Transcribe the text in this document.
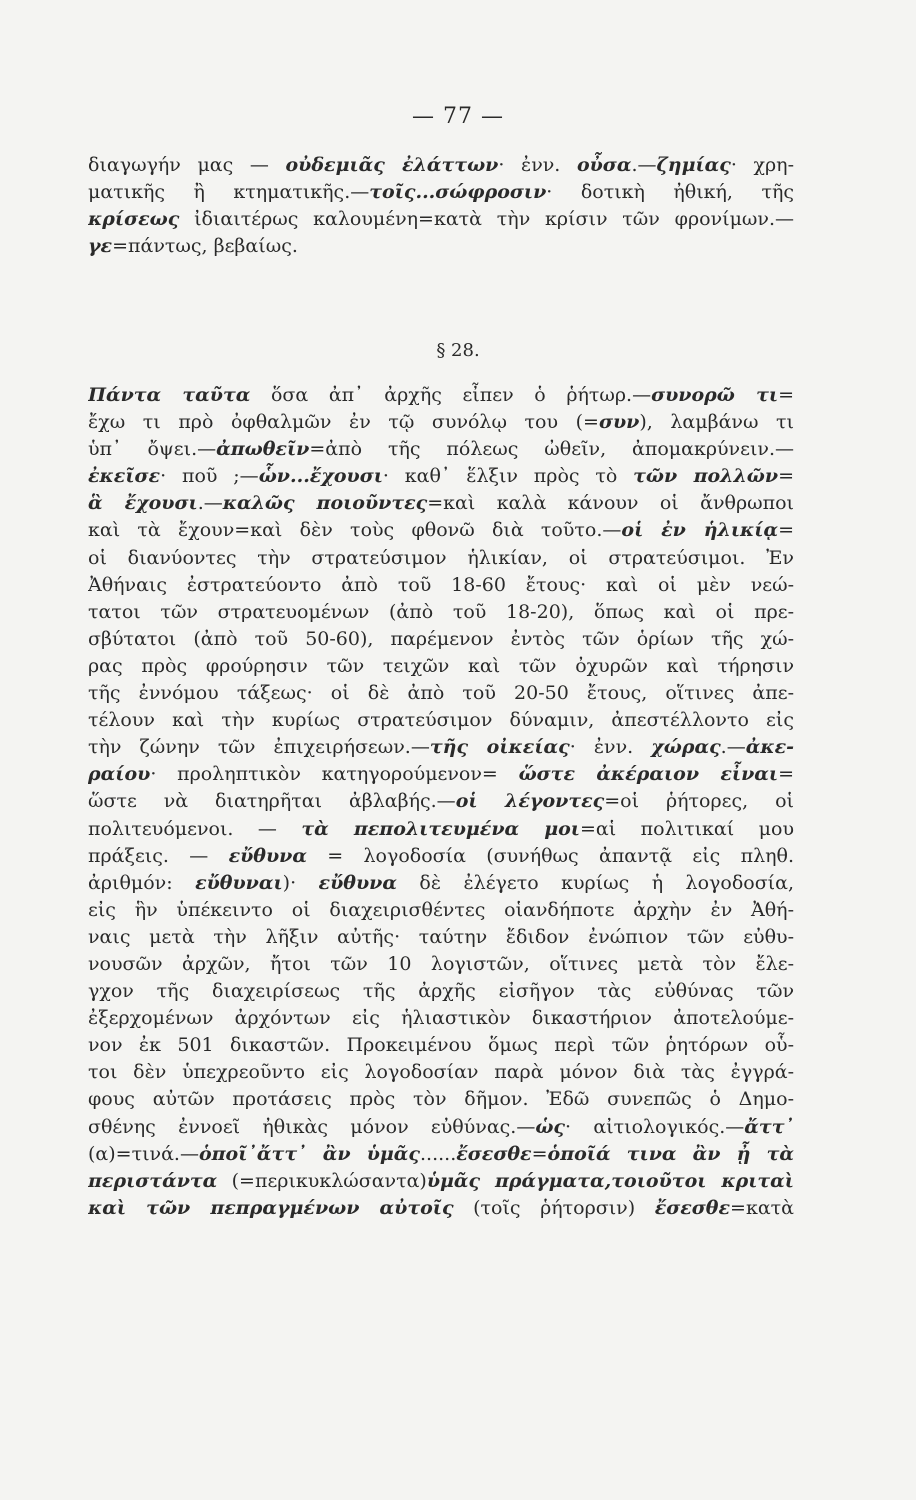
— 77 —
διαγωγήν μας — οὐδεμιᾶς ἐλάττων· ἐνν. οὖσα.—ζημίας· χρη-
ματικῆς ἢ κτηματικῆς.—τοῖς...σώφροσιν· δοτικὴ ἠθική, τῆς
κρίσεως ἰδιαιτέρως καλουμένη=κατὰ τὴν κρίσιν τῶν φρονίμων.—
γε=πάντως, βεβαίως.
§ 28.
Πάντα ταῦτα ὅσα ἀπ᾽ ἀρχῆς εἶπεν ὁ ῥήτωρ.—συνορῶ τι=
ἔχω τι πρὸ ὀφθαλμῶν ἐν τῷ συνόλῳ του (=συν), λαμβάνω τι
ὑπ᾽ ὄψει.—ἀπωθεῖν=ἀπὸ τῆς πόλεως ὠθεῖν, ἀπομακρύνειν.—
ἐκεῖσε· ποῦ ;—ὧν...ἔχουσι· καθ᾽ ἕλξιν πρὸς τὸ τῶν πολλῶν=
ἃ ἔχουσι.—καλῶς ποιοῦντες=καὶ καλὰ κάνουν οἱ ἄνθρωποι
καὶ τὰ ἔχουν=καὶ δὲν τοὺς φθονῶ διὰ τοῦτο.—οἱ ἐν ἡλικίᾳ=
οἱ διανύοντες τὴν στρατεύσιμον ἡλικίαν, οἱ στρατεύσιμοι. Ἐν
Ἀθήναις ἐστρατεύοντο ἀπὸ τοῦ 18-60 ἔτους· καὶ οἱ μὲν νεώ-
τατοι τῶν στρατευομένων (ἀπὸ τοῦ 18-20), ὅπως καὶ οἱ πρε-
σβύτατοι (ἀπὸ τοῦ 50-60), παρέμενον ἐντὸς τῶν ὁρίων τῆς χώ-
ρας πρὸς φρούρησιν τῶν τειχῶν καὶ τῶν ὀχυρῶν καὶ τήρησιν
τῆς ἐννόμου τάξεως· οἱ δὲ ἀπὸ τοῦ 20-50 ἔτους, οἵτινες ἀπε-
τέλουν καὶ τὴν κυρίως στρατεύσιμον δύναμιν, ἀπεστέλλοντο εἰς
τὴν ζώνην τῶν ἐπιχειρήσεων.—τῆς οἰκείας· ἐνν. χώρας.—ἀκε-
ραίου· προληπτικὸν κατηγορούμενον= ὥστε ἀκέραιον εἶναι=
ὥστε νὰ διατηρῆται ἀβλαβής.—οἱ λέγοντες=οἱ ῥήτορες, οἱ
πολιτευόμενοι. — τὰ πεπολιτευμένα μοι=αἱ πολιτικαί μου
πράξεις. — εὔθυνα = λογοδοσία (συνήθως ἀπαντᾷ εἰς πληθ.
ἀριθμόν: εὔθυναι)· εὔθυνα δὲ ἐλέγετο κυρίως ἡ λογοδοσία,
εἰς ἣν ὑπέκειντο οἱ διαχειρισθέντες οἱανδήποτε ἀρχὴν ἐν Ἀθή-
ναις μετὰ τὴν λῆξιν αὐτῆς· ταύτην ἔδιδον ἐνώπιον τῶν εὐθυ-
νουσῶν ἀρχῶν, ἤτοι τῶν 10 λογιστῶν, οἵτινες μετὰ τὸν ἔλε-
γχον τῆς διαχειρίσεως τῆς ἀρχῆς εἰσῆγον τὰς εὐθύνας τῶν
ἐξερχομένων ἀρχόντων εἰς ἡλιαστικὸν δικαστήριον ἀποτελούμε-
νον ἐκ 501 δικαστῶν. Προκειμένου ὅμως περὶ τῶν ῥητόρων οὗ-
τοι δὲν ὑπεχρεοῦντο εἰς λογοδοσίαν παρὰ μόνον διὰ τὰς ἐγγρά-
φους αὐτῶν προτάσεις πρὸς τὸν δῆμον. Ἐδῶ συνεπῶς ὁ Δημο-
σθένης ἐννοεῖ ἠθικὰς μόνον εὐθύνας.—ὡς· αἰτιολογικός.—ἄττ᾽
(α)=τινά.—ὁποῖ᾽ἄττ᾽ ἂν ὑμᾶς......ἔσεσθε=ὁποῖά τινα ἂν ᾖ τὰ
περιστάντα (=περικυκλώσαντα)ὑμᾶς πράγματα,τοιοῦτοι κριταὶ
καὶ τῶν πεπραγμένων αὐτοῖς (τοῖς ῥήτορσιν) ἔσεσθε=κατὰ
